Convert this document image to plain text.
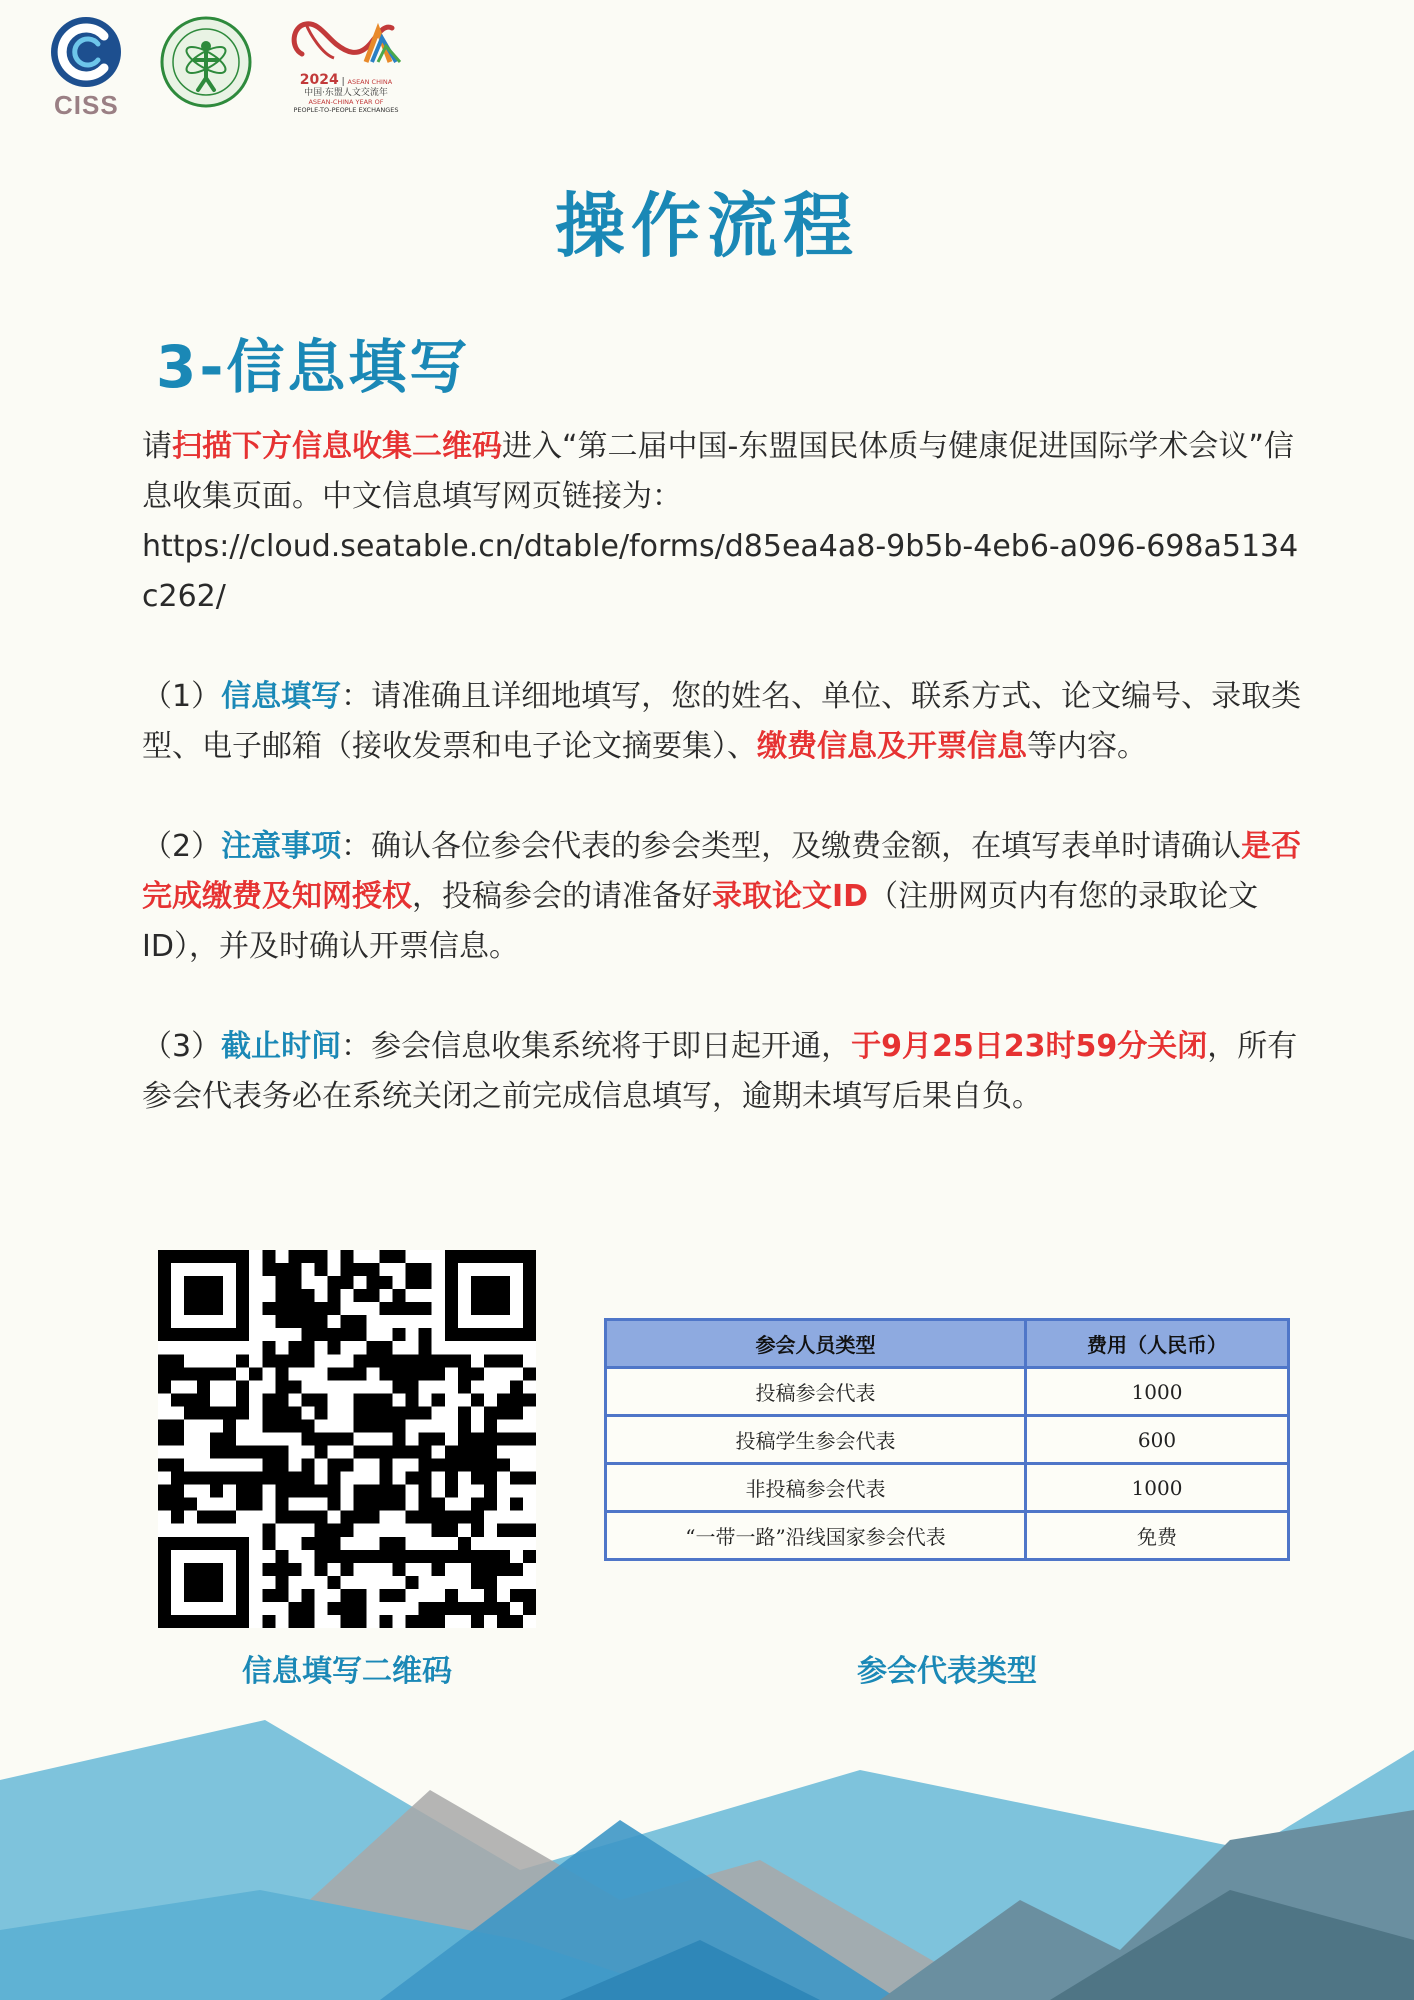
CISS
2024 | ASEAN CHINA
中国·东盟人文交流年
ASEAN-CHINA YEAR OF
PEOPLE-TO-PEOPLE EXCHANGES
操作流程
3-信息填写

请扫描下方信息收集二维码进入“第二届中国-东盟国民体质与健康促进国际学术会议”信息收集页面。中文信息填写网页链接为：
https://cloud.seatable.cn/dtable/forms/d85ea4a8-9b5b-4eb6-a096-698a5134c262/

（1）信息填写：请准确且详细地填写，您的姓名、单位、联系方式、论文编号、录取类型、电子邮箱（接收发票和电子论文摘要集）、缴费信息及开票信息等内容。

（2）注意事项：确认各位参会代表的参会类型，及缴费金额，在填写表单时请确认是否完成缴费及知网授权，投稿参会的请准备好录取论文ID（注册网页内有您的录取论文ID），并及时确认开票信息。

（3）截止时间：参会信息收集系统将于即日起开通，于9月25日23时59分关闭，所有参会代表务必在系统关闭之前完成信息填写，逾期未填写后果自负。

信息填写二维码
参会人员类型	费用（人民币）
投稿参会代表	1000
投稿学生参会代表	600
非投稿参会代表	1000
“一带一路”沿线国家参会代表	免费
参会代表类型
